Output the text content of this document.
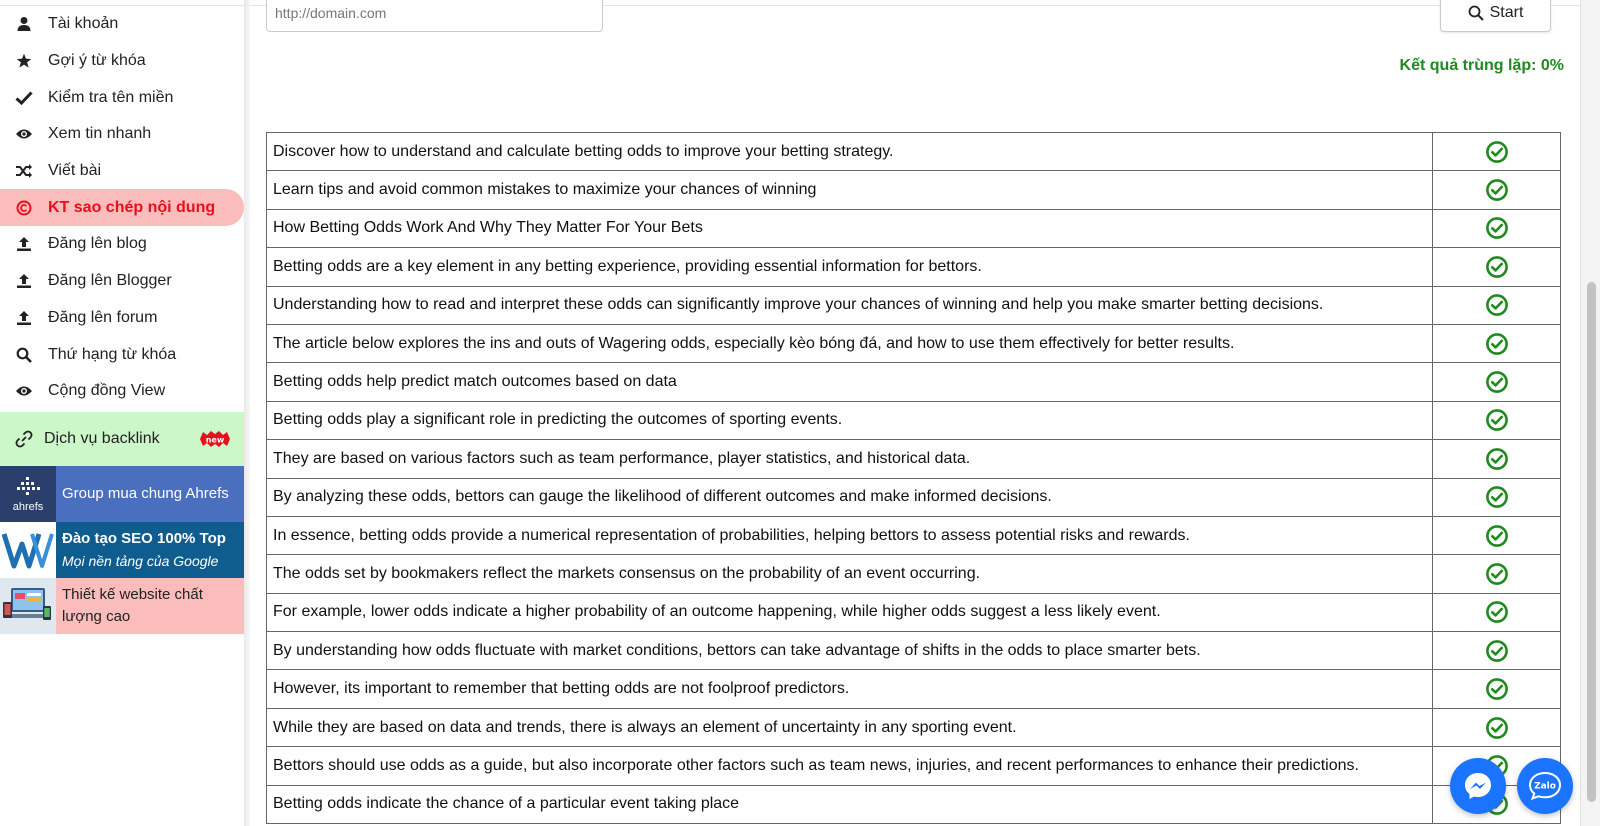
Tài khoản
Gợi ý từ khóa
Kiểm tra tên miền
Xem tin nhanh
Viết bài
KT sao chép nội dung
Đăng lên blog
Đăng lên Blogger
Đăng lên forum
Thứ hạng từ khóa
Cộng đồng View
Dịch vụ backlink	new
ahrefs
Group mua chung Ahrefs
Đào tạo SEO 100% Top
Mọi nền tảng của Google
Thiết kế website chất
lượng cao
http://domain.com	Start
Kết quả trùng lặp: 0%
Discover how to understand and calculate betting odds to improve your betting strategy.	
Learn tips and avoid common mistakes to maximize your chances of winning	
How Betting Odds Work And Why They Matter For Your Bets	
Betting odds are a key element in any betting experience, providing essential information for bettors.	
Understanding how to read and interpret these odds can significantly improve your chances of winning and help you make smarter betting decisions.	
The article below explores the ins and outs of Wagering odds, especially kèo bóng đá, and how to use them effectively for better results.	
Betting odds help predict match outcomes based on data	
Betting odds play a significant role in predicting the outcomes of sporting events.	
They are based on various factors such as team performance, player statistics, and historical data.	
By analyzing these odds, bettors can gauge the likelihood of different outcomes and make informed decisions.	
In essence, betting odds provide a numerical representation of probabilities, helping bettors to assess potential risks and rewards.	
The odds set by bookmakers reflect the markets consensus on the probability of an event occurring.	
For example, lower odds indicate a higher probability of an outcome happening, while higher odds suggest a less likely event.	
By understanding how odds fluctuate with market conditions, bettors can take advantage of shifts in the odds to place smarter bets.	
However, its important to remember that betting odds are not foolproof predictors.	
While they are based on data and trends, there is always an element of uncertainty in any sporting event.	
Bettors should use odds as a guide, but also incorporate other factors such as team news, injuries, and recent performances to enhance their predictions.	
Betting odds indicate the chance of a particular event taking place	
Zalo
